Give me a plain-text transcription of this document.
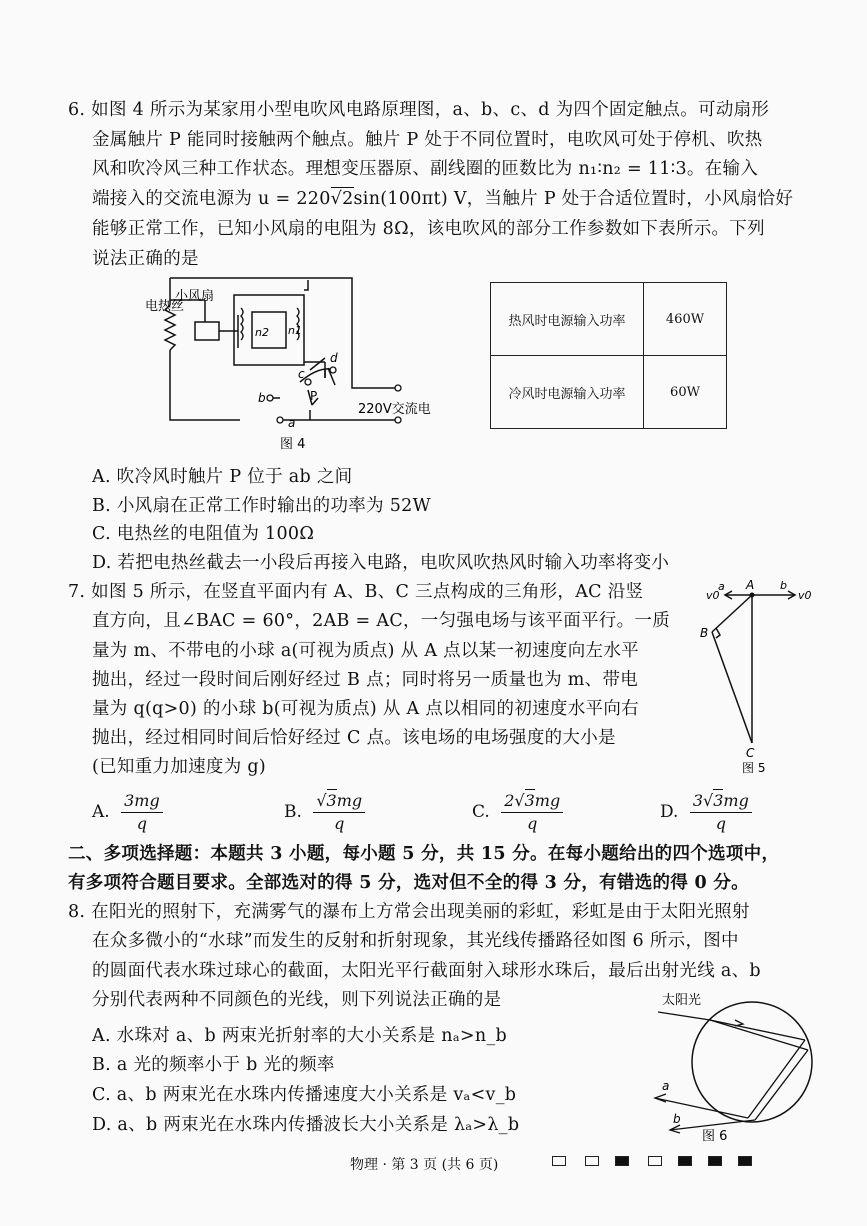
6. 如图 4 所示为某家用小型电吹风电路原理图，a、b、c、d 为四个固定触点。可动扇形
金属触片 P 能同时接触两个触点。触片 P 处于不同位置时，电吹风可处于停机、吹热
风和吹冷风三种工作状态。理想变压器原、副线圈的匝数比为 n₁∶n₂ = 11∶3。在输入
端接入的交流电源为 u = 220√2sin(100πt) V，当触片 P 处于合适位置时，小风扇恰好
能够正常工作，已知小风扇的电阻为 8Ω，该电吹风的部分工作参数如下表所示。下列
说法正确的是
电热丝
小风扇
n2 n1
c
d
P
b
a
220V交流电
图 4
热风时电源输入功率	460W
冷风时电源输入功率	60W
A. 吹冷风时触片 P 位于 ab 之间
B. 小风扇在正常工作时输出的功率为 52W
C. 电热丝的电阻值为 100Ω
D. 若把电热丝截去一小段后再接入电路，电吹风吹热风时输入功率将变小
7. 如图 5 所示，在竖直平面内有 A、B、C 三点构成的三角形，AC 沿竖
直方向，且∠BAC = 60°，2AB = AC，一匀强电场与该平面平行。一质
量为 m、不带电的小球 a(可视为质点) 从 A 点以某一初速度向左水平
抛出，经过一段时间后刚好经过 B 点；同时将另一质量也为 m、带电
量为 q(q>0) 的小球 b(可视为质点) 从 A 点以相同的初速度水平向右
抛出，经过相同时间后恰好经过 C 点。该电场的电场强度的大小是
(已知重力加速度为 g)
v0
a A b
v0
B
C
图 5
A. $\frac{3mg}{q}$	B. $\frac{√3mg}{q}$	C. $\frac{2√3mg}{q}$	D. $\frac{3√3mg}{q}$
二、多项选择题：本题共 3 小题，每小题 5 分，共 15 分。在每小题给出的四个选项中，
有多项符合题目要求。全部选对的得 5 分，选对但不全的得 3 分，有错选的得 0 分。
8. 在阳光的照射下，充满雾气的瀑布上方常会出现美丽的彩虹，彩虹是由于太阳光照射
在众多微小的“水球”而发生的反射和折射现象，其光线传播路径如图 6 所示，图中
的圆面代表水珠过球心的截面，太阳光平行截面射入球形水珠后，最后出射光线 a、b
分别代表两种不同颜色的光线，则下列说法正确的是
A. 水珠对 a、b 两束光折射率的大小关系是 nₐ>n_b
B. a 光的频率小于 b 光的频率
C. a、b 两束光在水珠内传播速度大小关系是 vₐ<v_b
D. a、b 两束光在水珠内传播波长大小关系是 λₐ>λ_b
太阳光
a
b
图 6
物理 · 第 3 页 (共 6 页)
